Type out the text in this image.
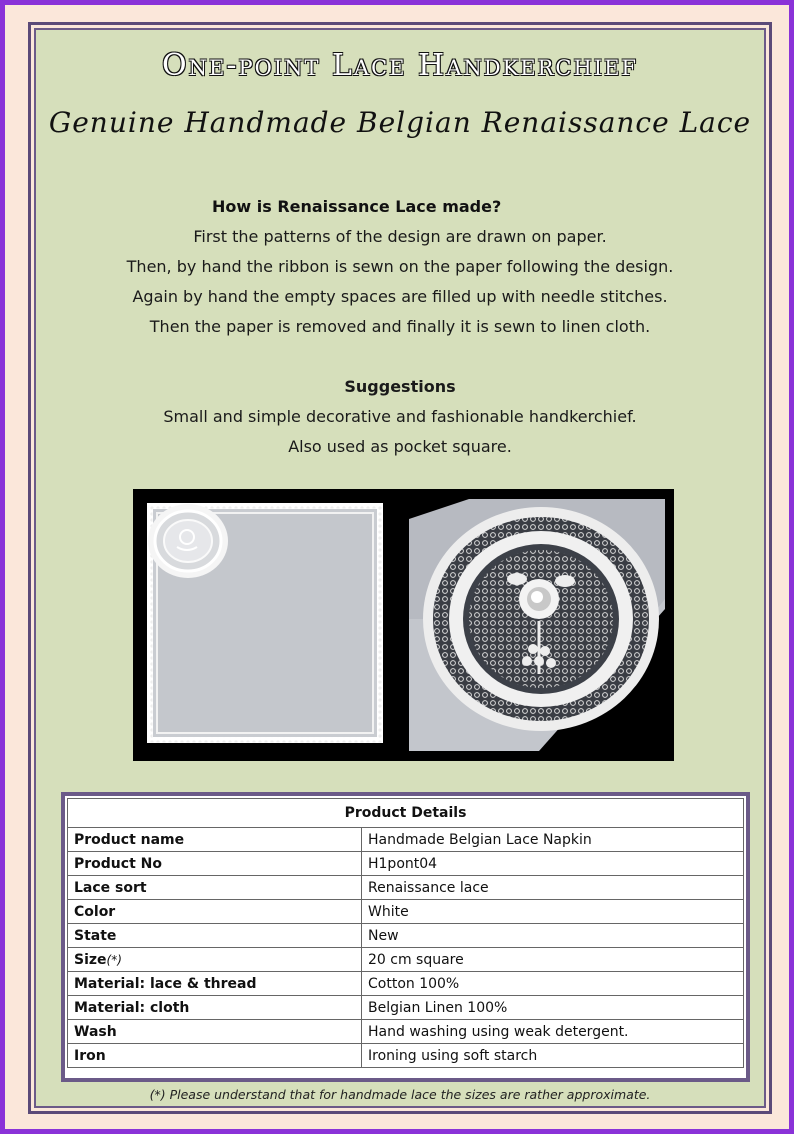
One-point Lace Handkerchief
Genuine Handmade Belgian Renaissance Lace
How is Renaissance Lace made?
First the patterns of the design are drawn on paper.
Then, by hand the ribbon is sewn on the paper following the design.
Again by hand the empty spaces are filled up with needle stitches.
Then the paper is removed and finally it is sewn to linen cloth.
Suggestions
Small and simple decorative and fashionable handkerchief.
Also used as pocket square.
Product Details	
Product name	Handmade Belgian Lace Napkin
Product No	H1pont04
Lace sort	Renaissance lace
Color	White
State	New
Size(*)	20 cm square
Material: lace & thread	Cotton 100%
Material: cloth	Belgian Linen 100%
Wash	Hand washing using weak detergent.
Iron	Ironing using soft starch
(*) Please understand that for handmade lace the sizes are rather approximate.
